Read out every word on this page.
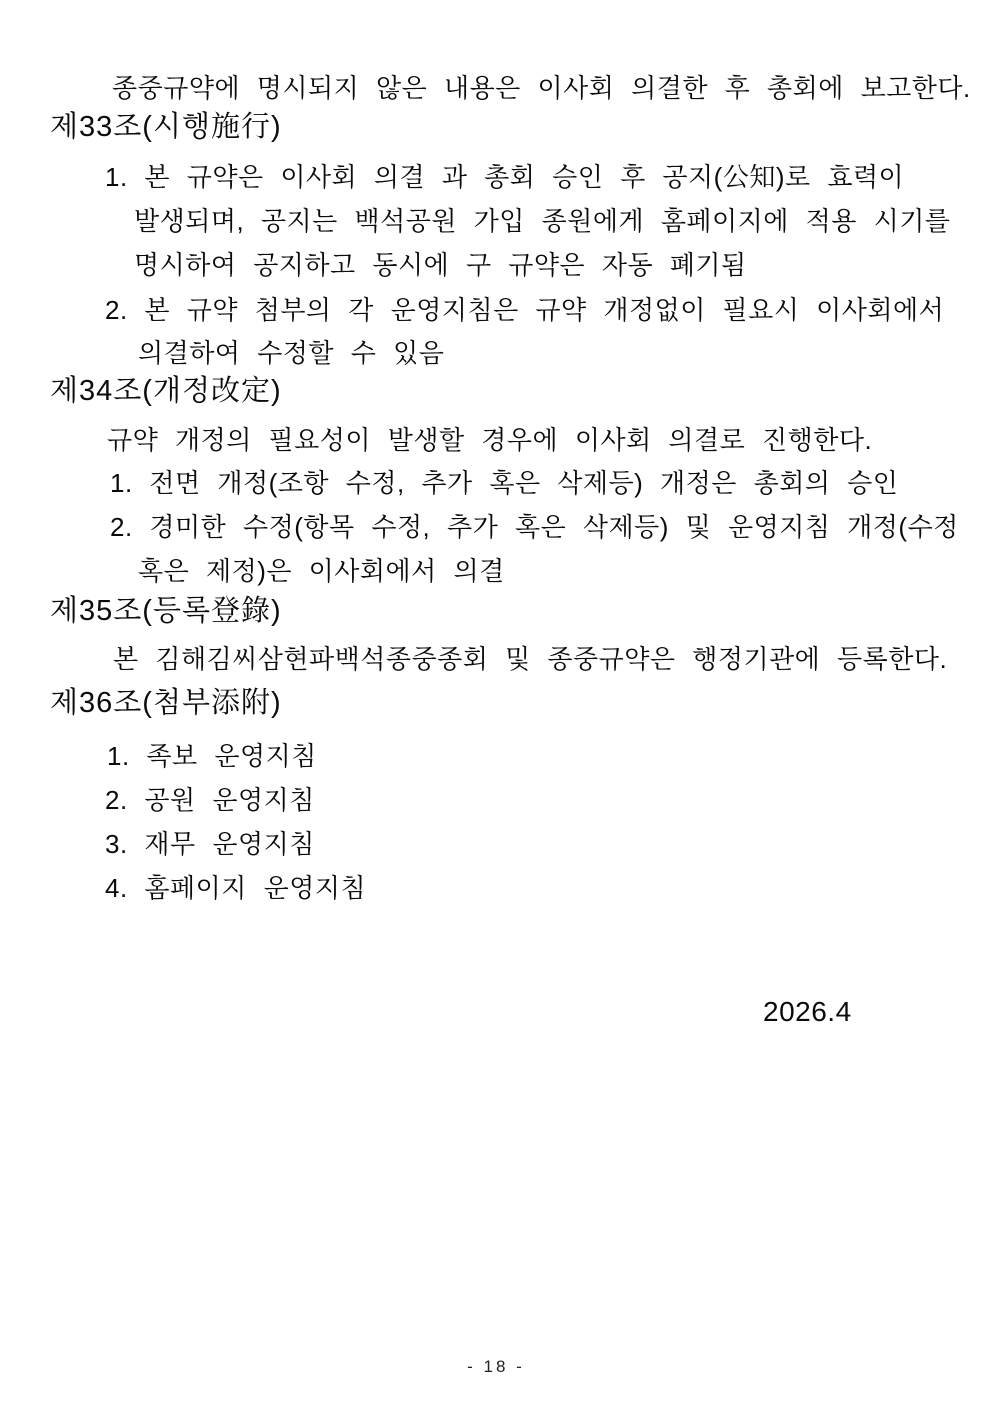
종중규약에 명시되지 않은 내용은 이사회 의결한 후 총회에 보고한다.

제33조(시행施行)

1. 본 규약은 이사회 의결 과 총회 승인 후 공지(公知)로 효력이

발생되며, 공지는 백석공원 가입 종원에게 홈페이지에 적용 시기를

명시하여 공지하고 동시에 구 규약은 자동 폐기됨

2. 본 규약 첨부의 각 운영지침은 규약 개정없이 필요시 이사회에서

의결하여 수정할 수 있음

제34조(개정改定)

규약 개정의 필요성이 발생할 경우에 이사회 의결로 진행한다.

1. 전면 개정(조항 수정, 추가 혹은 삭제등) 개정은 총회의 승인

2. 경미한 수정(항목 수정, 추가 혹은 삭제등) 및 운영지침 개정(수정

혹은 제정)은 이사회에서 의결

제35조(등록登錄)

본 김해김씨삼현파백석종중종회 및 종중규약은 행정기관에 등록한다.

제36조(첨부添附)

1. 족보 운영지침

2. 공원 운영지침

3. 재무 운영지침

4. 홈페이지 운영지침

2026.4

- 18 -
